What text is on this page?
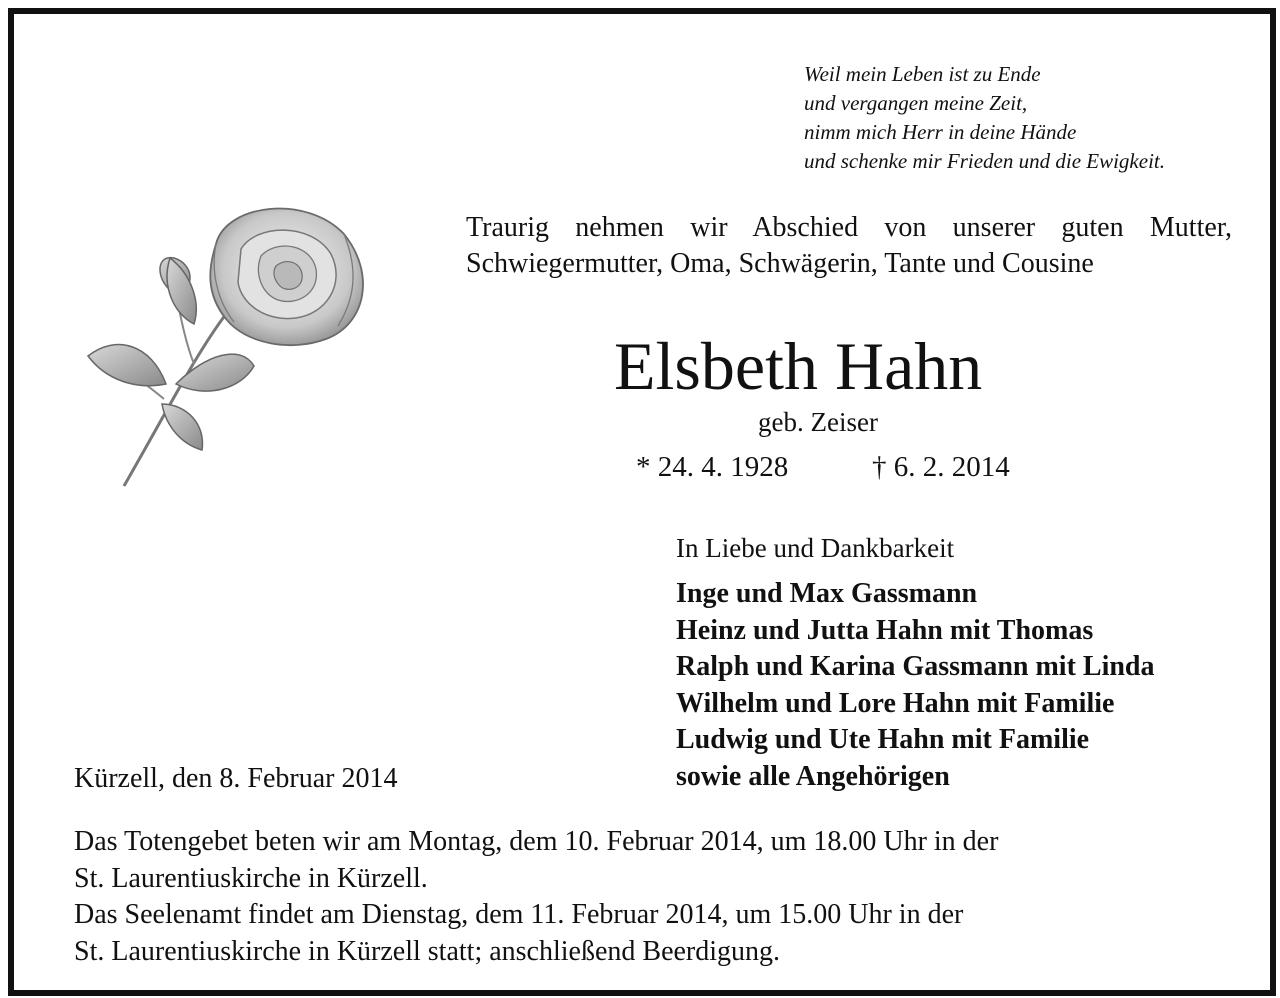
Weil mein Leben ist zu Ende
und vergangen meine Zeit,
nimm mich Herr in deine Hände
und schenke mir Frieden und die Ewigkeit.
Traurig nehmen wir Abschied von unserer guten Mutter,
Schwiegermutter, Oma, Schwägerin, Tante und Cousine
Elsbeth Hahn
geb. Zeiser
* 24. 4. 1928	† 6. 2. 2014
In Liebe und Dankbarkeit
Inge und Max Gassmann
Heinz und Jutta Hahn mit Thomas
Ralph und Karina Gassmann mit Linda
Wilhelm und Lore Hahn mit Familie
Ludwig und Ute Hahn mit Familie
sowie alle Angehörigen
Kürzell, den 8. Februar 2014
Das Totengebet beten wir am Montag, dem 10. Februar 2014, um 18.00 Uhr in der
St. Laurentiuskirche in Kürzell.
Das Seelenamt findet am Dienstag, dem 11. Februar 2014, um 15.00 Uhr in der
St. Laurentiuskirche in Kürzell statt; anschließend Beerdigung.
